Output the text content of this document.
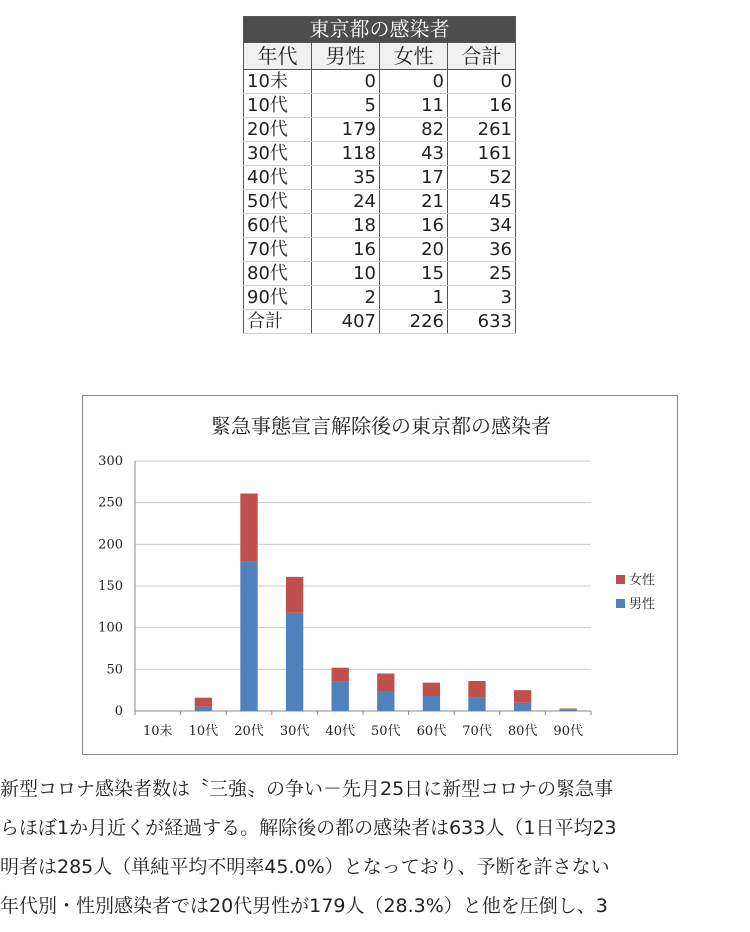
東京都の感染者			
年代	男性	女性	合計
10未	0	0	0
10代	5	11	16
20代	179	82	261
30代	118	43	161
40代	35	17	52
50代	24	21	45
60代	18	16	34
70代	16	20	36
80代	10	15	25
90代	2	1	3
合計	407	226	633
緊急事態宣言解除後の東京都の感染者
0
50
100
150
200
250
300
10未 10代 20代 30代 40代 50代 60代 70代 80代 90代
女性
男性

新型コロナ感染者数は〝三強〟の争い－先月25日に新型コロナの緊急事

らほぼ1か月近くが経過する。解除後の都の感染者は633人（1日平均23

明者は285人（単純平均不明率45.0%）となっており、予断を許さない

年代別・性別感染者では20代男性が179人（28.3%）と他を圧倒し、3
